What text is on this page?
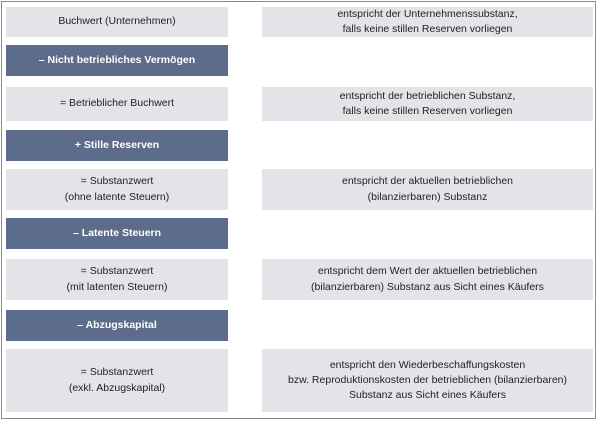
Buchwert (Unternehmen)
– Nicht betriebliches Vermögen
= Betrieblicher Buchwert
+ Stille Reserven
= Substanzwert
(ohne latente Steuern)
– Latente Steuern
= Substanzwert
(mit latenten Steuern)
– Abzugskapital
= Substanzwert
(exkl. Abzugskapital)
entspricht der Unternehmenssubstanz,
falls keine stillen Reserven vorliegen
entspricht der betrieblichen Substanz,
falls keine stillen Reserven vorliegen
entspricht der aktuellen betrieblichen
(bilanzierbaren) Substanz
entspricht dem Wert der aktuellen betrieblichen
(bilanzierbaren) Substanz aus Sicht eines Käufers
entspricht den Wiederbeschaffungskosten
bzw. Reproduktionskosten der betrieblichen (bilanzierbaren)
Substanz aus Sicht eines Käufers
